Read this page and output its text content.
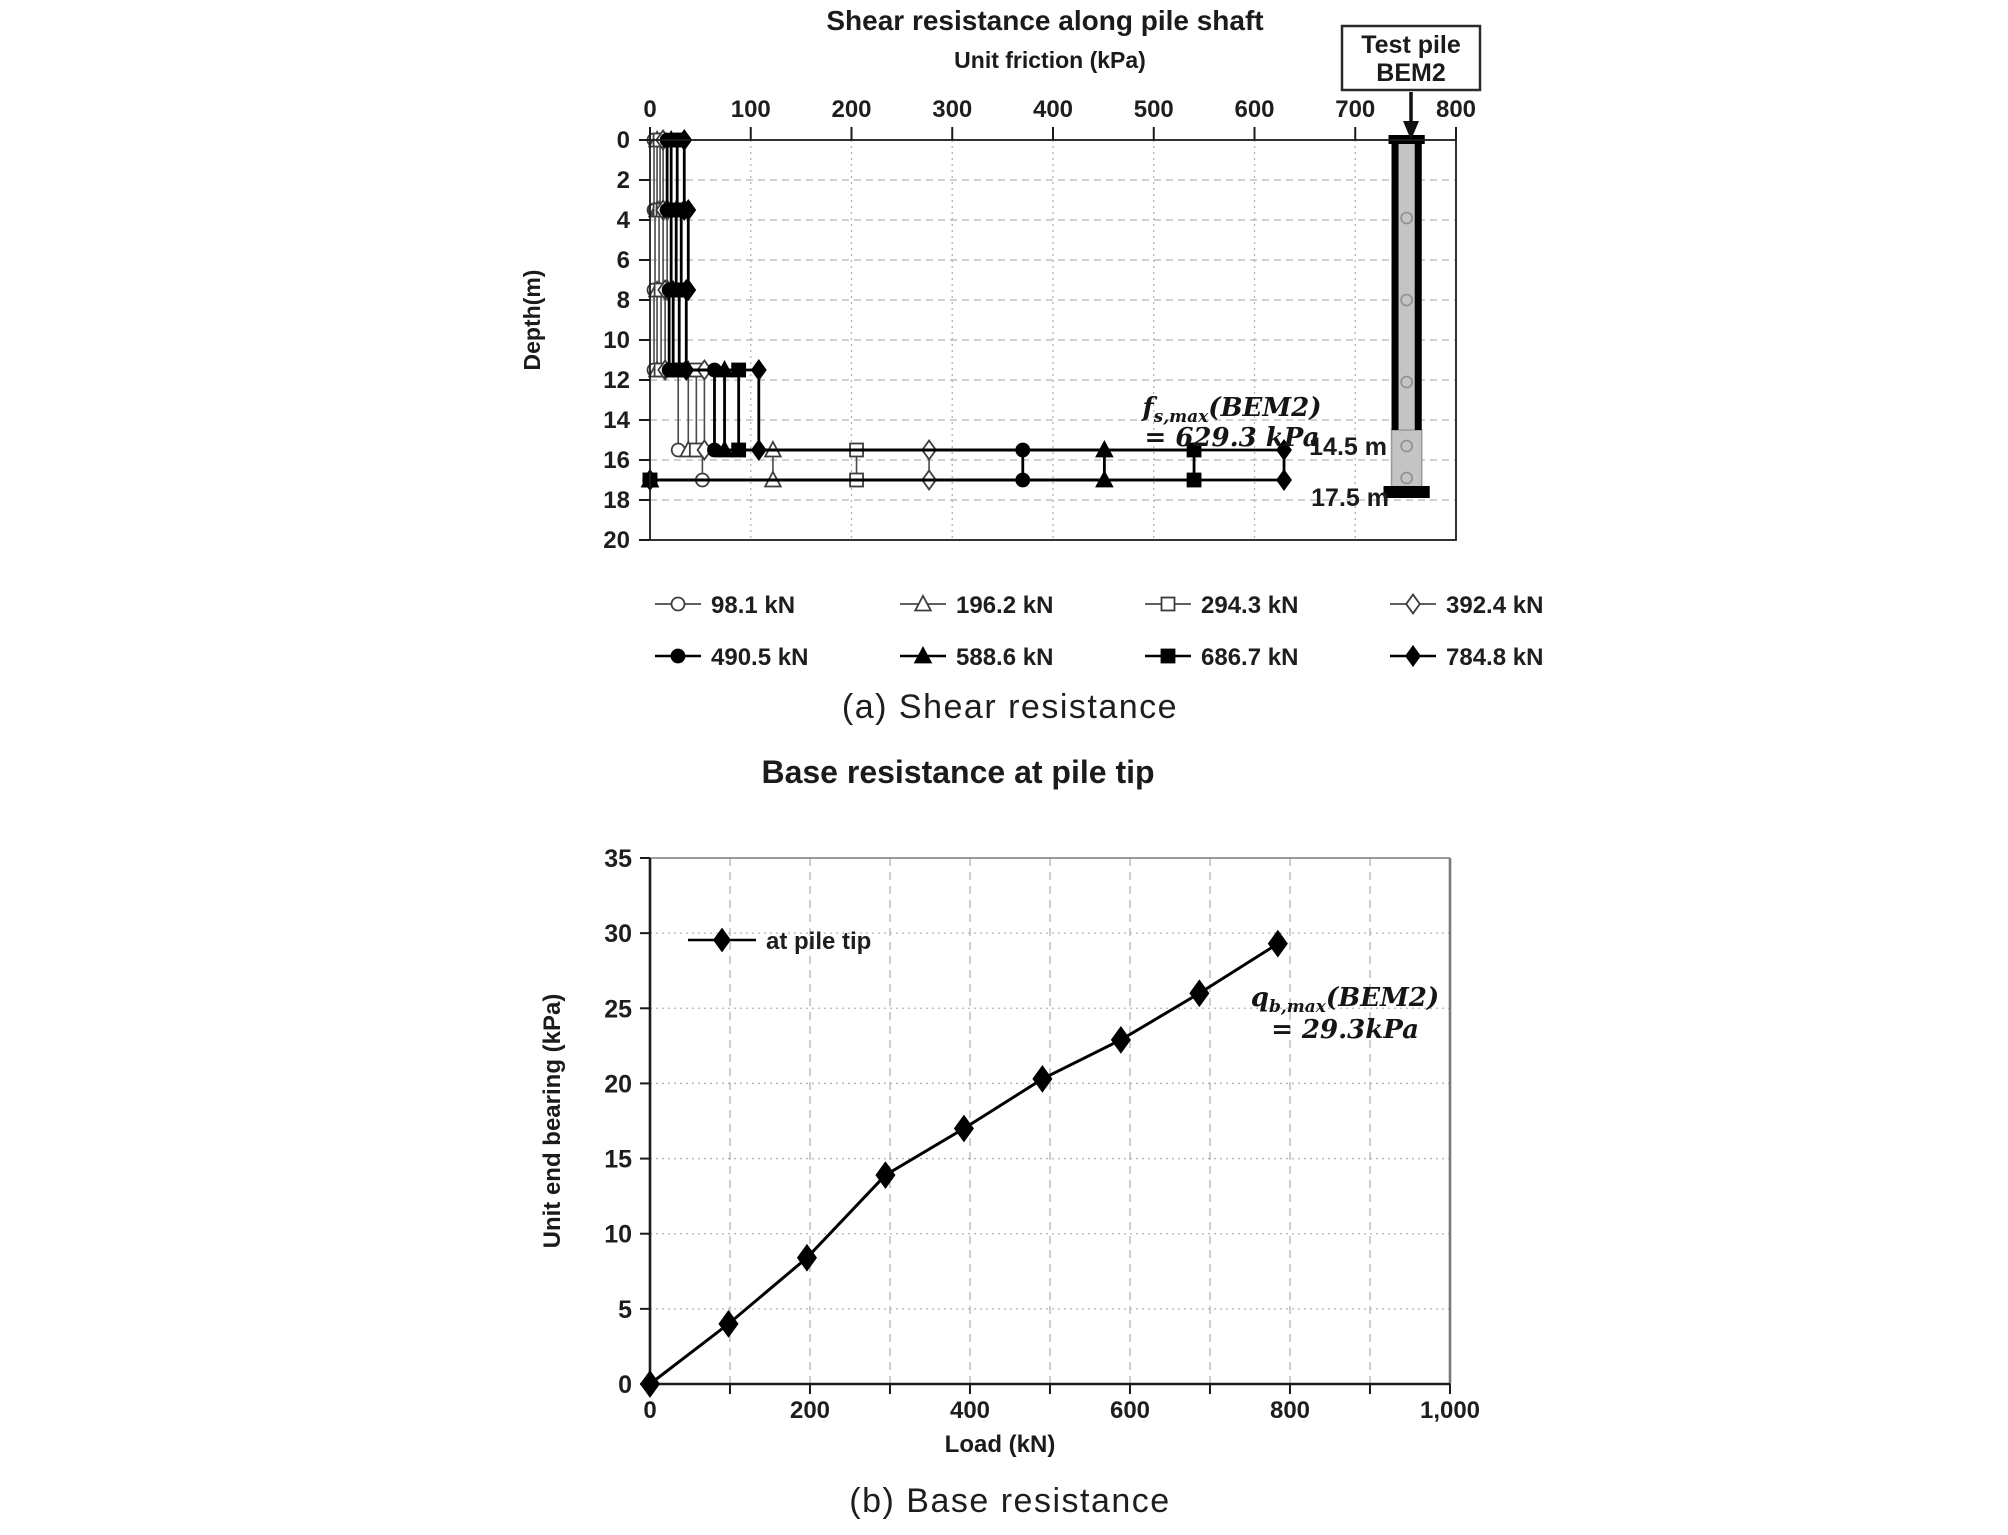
0	100	200	300	400	500	600	700	800
0
2
4
6
8
10
12
14
16
18
20
98.1 kN	196.2 kN	294.3 kN	392.4 kN
490.5 kN	588.6 kN	686.7 kN	784.8 kN
0	200	400	600	800	1,000
0
5
10
15
20
25
30
35
at pile tip
Shear resistance along pile shaft
Unit friction (kPa)
Depth(m)
Test pile
BEM2
$f_{s,max}(BEM2)$
= 629.3 kPa
14.5 m
17.5 m
(a) Shear resistance
Base resistance at pile tip
Unit end bearing (kPa)
Load (kN)
$q_{b,max}(BEM2)$
= 29.3kPa
(b) Base resistance
